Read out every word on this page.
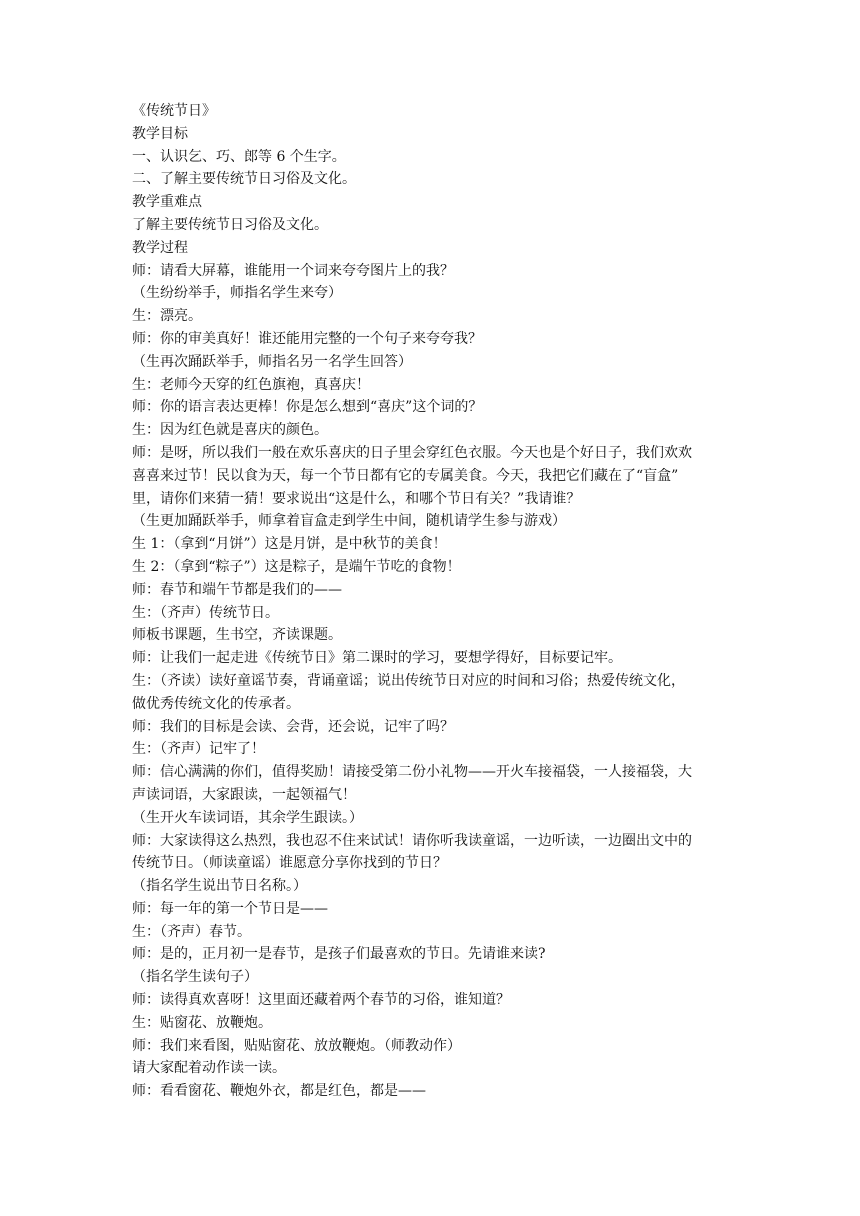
《传统节日》
教学目标
一、认识乞、巧、郎等 6 个生字。
二、了解主要传统节日习俗及文化。
教学重难点
了解主要传统节日习俗及文化。
教学过程
师：请看大屏幕，谁能用一个词来夸夸图片上的我？
（生纷纷举手，师指名学生来夸）
生：漂亮。
师：你的审美真好！谁还能用完整的一个句子来夸夸我？
（生再次踊跃举手，师指名另一名学生回答）
生：老师今天穿的红色旗袍，真喜庆！
师：你的语言表达更棒！你是怎么想到“喜庆”这个词的？
生：因为红色就是喜庆的颜色。
师：是呀，所以我们一般在欢乐喜庆的日子里会穿红色衣服。今天也是个好日子，我们欢欢
喜喜来过节！民以食为天，每一个节日都有它的专属美食。今天，我把它们藏在了“盲盒”
里，请你们来猜一猜！要求说出“这是什么，和哪个节日有关？”我请谁？
（生更加踊跃举手，师拿着盲盒走到学生中间，随机请学生参与游戏）
生 1：（拿到“月饼”）这是月饼，是中秋节的美食！
生 2：（拿到“粽子”）这是粽子，是端午节吃的食物！
师：春节和端午节都是我们的——
生：（齐声）传统节日。
师板书课题，生书空，齐读课题。
师：让我们一起走进《传统节日》第二课时的学习，要想学得好，目标要记牢。
生：（齐读）读好童谣节奏，背诵童谣；说出传统节日对应的时间和习俗；热爱传统文化，
做优秀传统文化的传承者。
师：我们的目标是会读、会背，还会说，记牢了吗？
生：（齐声）记牢了！
师：信心满满的你们，值得奖励！请接受第二份小礼物——开火车接福袋，一人接福袋，大
声读词语，大家跟读，一起领福气！
（生开火车读词语，其余学生跟读。）
师：大家读得这么热烈，我也忍不住来试试！请你听我读童谣，一边听读，一边圈出文中的
传统节日。（师读童谣）谁愿意分享你找到的节日？
（指名学生说出节日名称。）
师：每一年的第一个节日是——
生：（齐声）春节。
师：是的，正月初一是春节，是孩子们最喜欢的节日。先请谁来读?
（指名学生读句子）
师：读得真欢喜呀！这里面还藏着两个春节的习俗，谁知道？
生：贴窗花、放鞭炮。
师：我们来看图，贴贴窗花、放放鞭炮。（师教动作）
请大家配着动作读一读。
师：看看窗花、鞭炮外衣，都是红色，都是——
